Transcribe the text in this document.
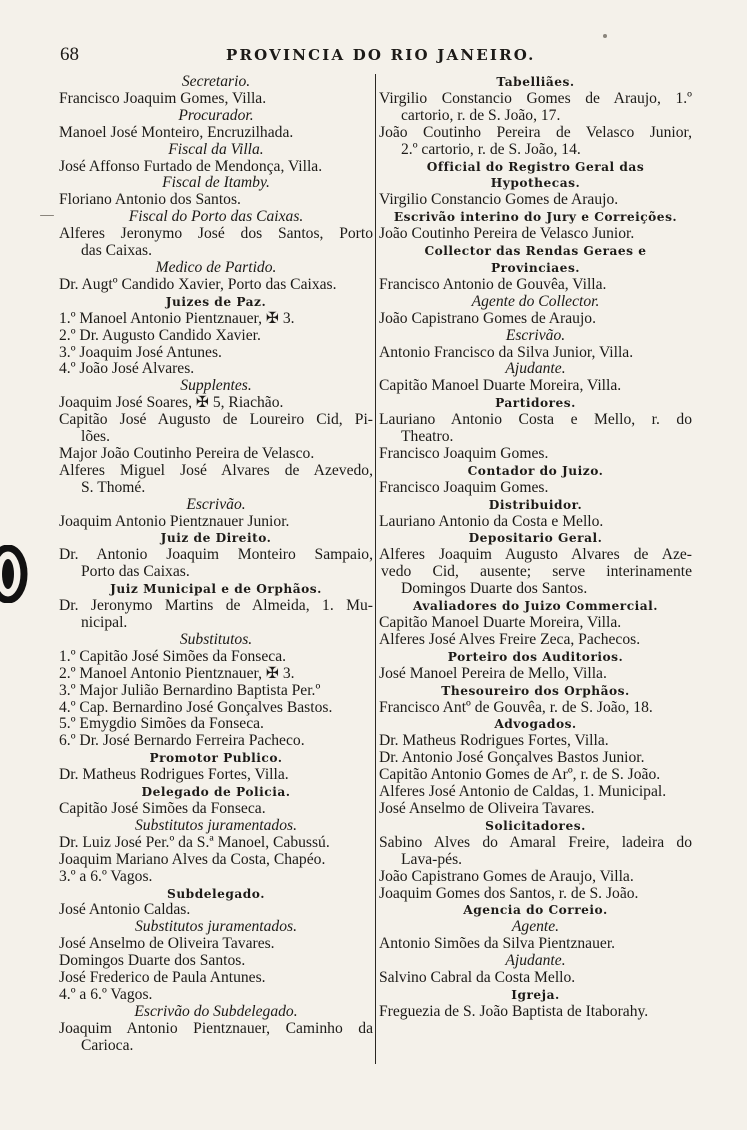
68	PROVINCIA DO RIO JANEIRO.
Secretario.
Francisco Joaquim Gomes, Villa.
Procurador.
Manoel José Monteiro, Encruzilhada.
Fiscal da Villa.
José Affonso Furtado de Mendonça, Villa.
Fiscal de Itamby.
Floriano Antonio dos Santos.
Fiscal do Porto das Caixas.
Alferes Jeronymo José dos Santos, Porto
das Caixas.
Medico de Partido.
Dr. Augtº Candido Xavier, Porto das Caixas.
Juizes de Paz.
1.º Manoel Antonio Pientznauer, ✠ 3.
2.º Dr. Augusto Candido Xavier.
3.º Joaquim José Antunes.
4.º João José Alvares.
Supplentes.
Joaquim José Soares, ✠ 5, Riachão.
Capitão José Augusto de Loureiro Cid, Pi-
lões.
Major João Coutinho Pereira de Velasco.
Alferes Miguel José Alvares de Azevedo,
S. Thomé.
Escrivão.
Joaquim Antonio Pientznauer Junior.
Juiz de Direito.
Dr. Antonio Joaquim Monteiro Sampaio,
Porto das Caixas.
Juiz Municipal e de Orphãos.
Dr. Jeronymo Martins de Almeida, 1. Mu-
nicipal.
Substitutos.
1.º Capitão José Simões da Fonseca.
2.º Manoel Antonio Pientznauer, ✠ 3.
3.º Major Julião Bernardino Baptista Per.º
4.º Cap. Bernardino José Gonçalves Bastos.
5.º Emygdio Simões da Fonseca.
6.º Dr. José Bernardo Ferreira Pacheco.
Promotor Publico.
Dr. Matheus Rodrigues Fortes, Villa.
Delegado de Policia.
Capitão José Simões da Fonseca.
Substitutos juramentados.
Dr. Luiz José Per.º da S.ª Manoel, Cabussú.
Joaquim Mariano Alves da Costa, Chapéo.
3.º a 6.º Vagos.
Subdelegado.
José Antonio Caldas.
Substitutos juramentados.
José Anselmo de Oliveira Tavares.
Domingos Duarte dos Santos.
José Frederico de Paula Antunes.
4.º a 6.º Vagos.
Escrivão do Subdelegado.
Joaquim Antonio Pientznauer, Caminho da
Carioca.
Tabelliães.
Virgilio Constancio Gomes de Araujo, 1.º
cartorio, r. de S. João, 17.
João Coutinho Pereira de Velasco Junior,
2.º cartorio, r. de S. João, 14.
Official do Registro Geral das
Hypothecas.
Virgilio Constancio Gomes de Araujo.
Escrivão interino do Jury e Correições.
João Coutinho Pereira de Velasco Junior.
Collector das Rendas Geraes e
Provinciaes.
Francisco Antonio de Gouvêa, Villa.
Agente do Collector.
João Capistrano Gomes de Araujo.
Escrivão.
Antonio Francisco da Silva Junior, Villa.
Ajudante.
Capitão Manoel Duarte Moreira, Villa.
Partidores.
Lauriano Antonio Costa e Mello, r. do
Theatro.
Francisco Joaquim Gomes.
Contador do Juizo.
Francisco Joaquim Gomes.
Distribuidor.
Lauriano Antonio da Costa e Mello.
Depositario Geral.
Alferes Joaquim Augusto Alvares de Aze-
vedo Cid, ausente; serve interinamente
Domingos Duarte dos Santos.
Avaliadores do Juizo Commercial.
Capitão Manoel Duarte Moreira, Villa.
Alferes José Alves Freire Zeca, Pachecos.
Porteiro dos Auditorios.
José Manoel Pereira de Mello, Villa.
Thesoureiro dos Orphãos.
Francisco Antº de Gouvêa, r. de S. João, 18.
Advogados.
Dr. Matheus Rodrigues Fortes, Villa.
Dr. Antonio José Gonçalves Bastos Junior.
Capitão Antonio Gomes de Arº, r. de S. João.
Alferes José Antonio de Caldas, 1. Municipal.
José Anselmo de Oliveira Tavares.
Solicitadores.
Sabino Alves do Amaral Freire, ladeira do
Lava-pés.
João Capistrano Gomes de Araujo, Villa.
Joaquim Gomes dos Santos, r. de S. João.
Agencia do Correio.
Agente.
Antonio Simões da Silva Pientznauer.
Ajudante.
Salvino Cabral da Costa Mello.
Igreja.
Freguezia de S. João Baptista de Itaborahy.
